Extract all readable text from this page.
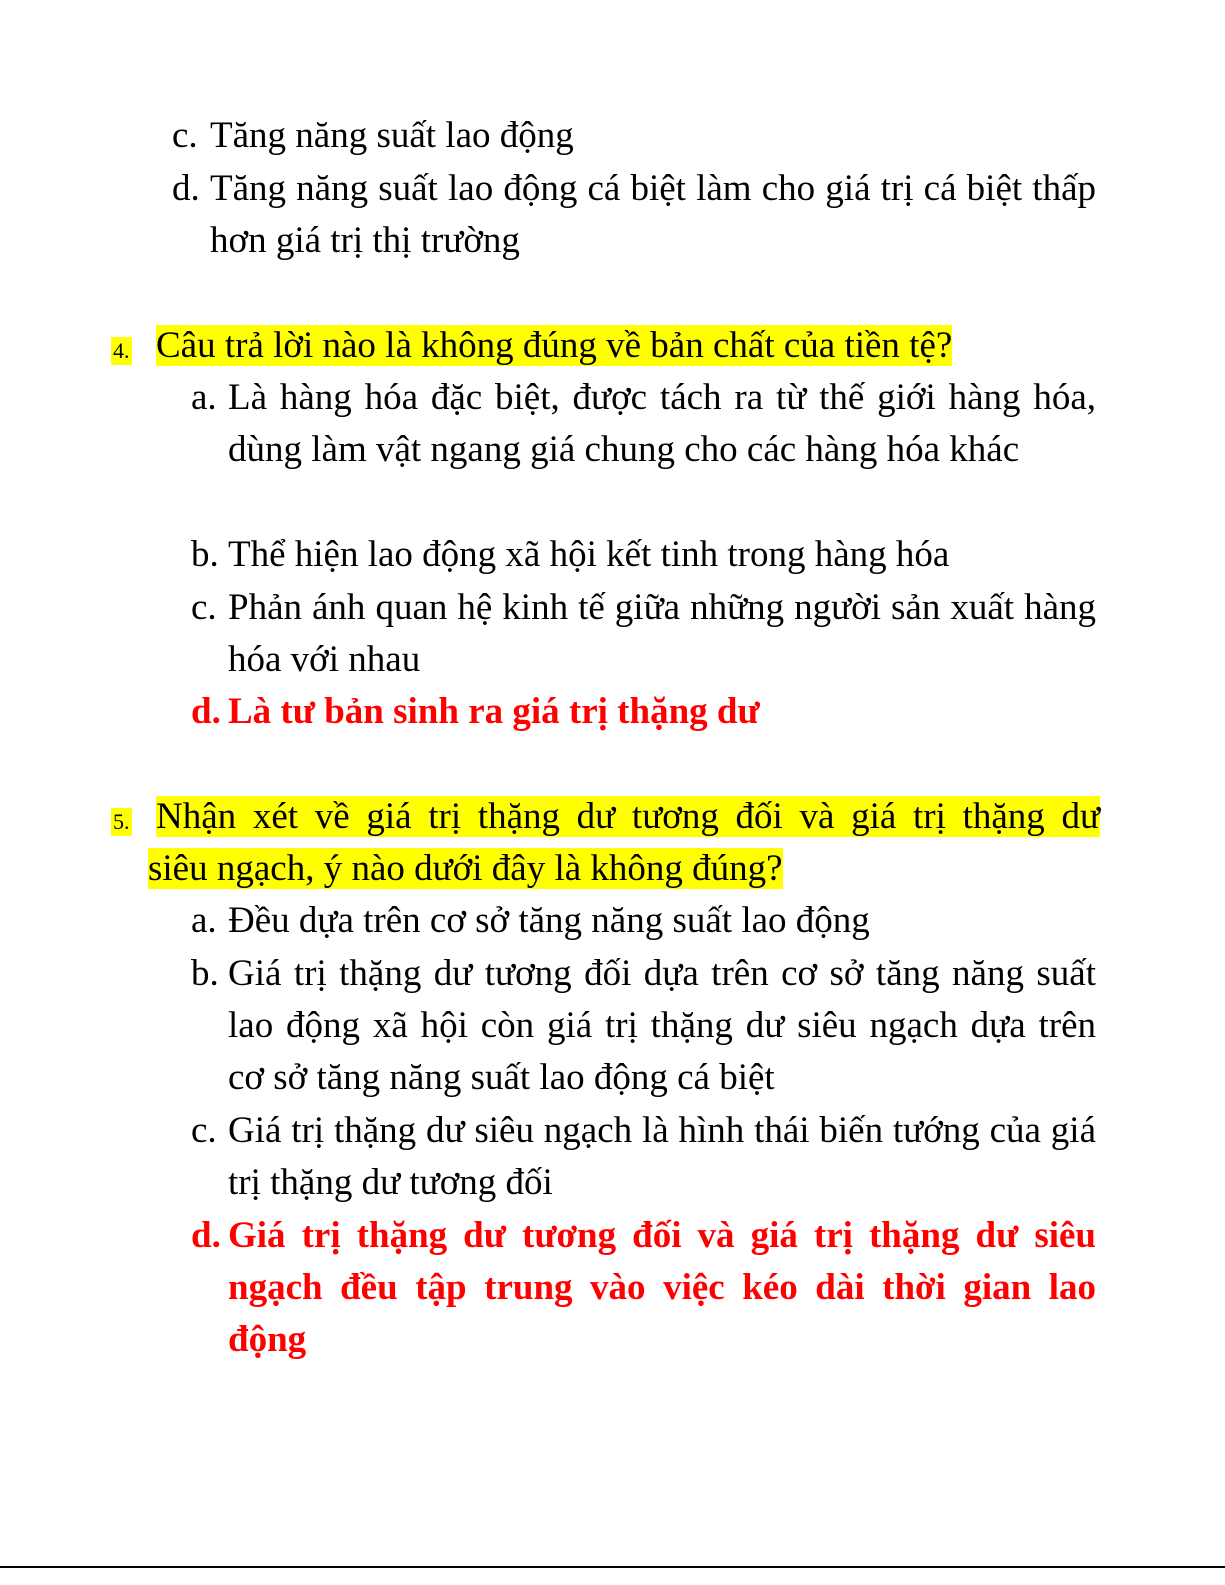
c. Tăng năng suất lao động
d. Tăng năng suất lao động cá biệt làm cho giá trị cá biệt thấp hơn giá trị thị trường
4. Câu trả lời nào là không đúng về bản chất của tiền tệ?
a. Là hàng hóa đặc biệt, được tách ra từ thế giới hàng hóa, dùng làm vật ngang giá chung cho các hàng hóa khác
b. Thể hiện lao động xã hội kết tinh trong hàng hóa
c. Phản ánh quan hệ kinh tế giữa những người sản xuất hàng hóa với nhau
d. Là tư bản sinh ra giá trị thặng dư
5. Nhận xét về giá trị thặng dư tương đối và giá trị thặng dư
siêu ngạch, ý nào dưới đây là không đúng?
a. Đều dựa trên cơ sở tăng năng suất lao động
b. Giá trị thặng dư tương đối dựa trên cơ sở tăng năng suất lao động xã hội còn giá trị thặng dư siêu ngạch dựa trên cơ sở tăng năng suất lao động cá biệt
c. Giá trị thặng dư siêu ngạch là hình thái biến tướng của giá trị thặng dư tương đối
d. Giá trị thặng dư tương đối và giá trị thặng dư siêu ngạch đều tập trung vào việc kéo dài thời gian lao động
